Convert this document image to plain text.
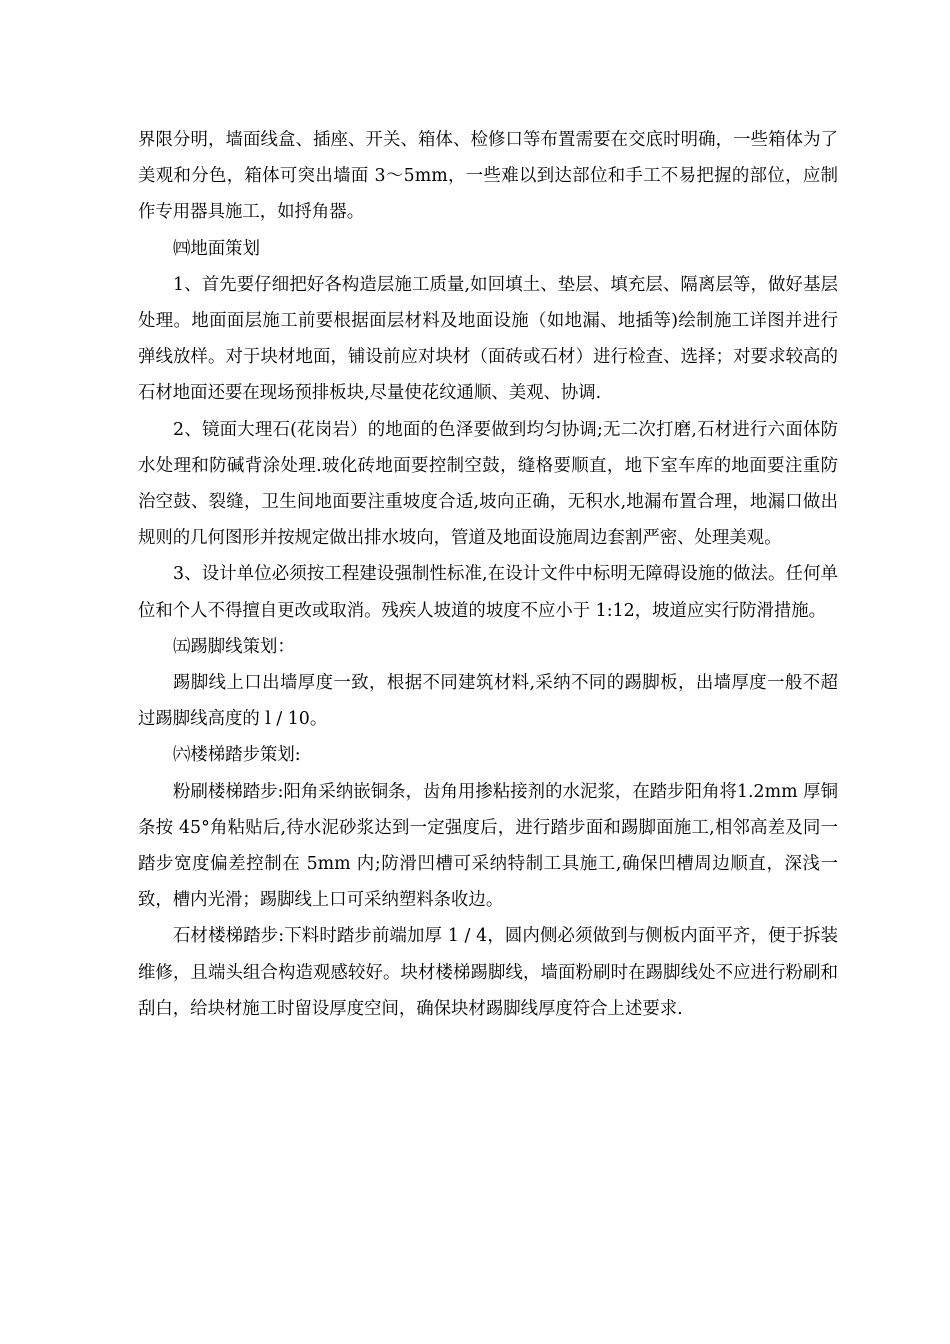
界限分明，墙面线盒、插座、开关、箱体、检修口等布置需要在交底时明确，一些箱体为了美观和分色，箱体可突出墙面 3～5mm，一些难以到达部位和手工不易把握的部位，应制作专用器具施工，如捋角器。

㈣地面策划

1、首先要仔细把好各构造层施工质量,如回填土、垫层、填充层、隔离层等，做好基层处理。地面面层施工前要根据面层材料及地面设施（如地漏、地插等)绘制施工详图并进行弹线放样。对于块材地面，铺设前应对块材（面砖或石材）进行检查、选择；对要求较高的石材地面还要在现场预排板块,尽量使花纹通顺、美观、协调.

2、镜面大理石(花岗岩）的地面的色泽要做到均匀协调;无二次打磨,石材进行六面体防水处理和防碱背涂处理.玻化砖地面要控制空鼓，缝格要顺直，地下室车库的地面要注重防治空鼓、裂缝，卫生间地面要注重坡度合适,坡向正确，无积水,地漏布置合理，地漏口做出规则的几何图形并按规定做出排水坡向，管道及地面设施周边套割严密、处理美观。

3、设计单位必须按工程建设强制性标准,在设计文件中标明无障碍设施的做法。任何单位和个人不得擅自更改或取消。残疾人坡道的坡度不应小于 1:12，坡道应实行防滑措施。

㈤踢脚线策划：

踢脚线上口出墙厚度一致，根据不同建筑材料,采纳不同的踢脚板，出墙厚度一般不超过踢脚线高度的 l / 10。

㈥楼梯踏步策划:

粉刷楼梯踏步:阳角采纳嵌铜条，齿角用掺粘接剂的水泥浆，在踏步阳角将1.2mm 厚铜条按 45°角粘贴后,待水泥砂浆达到一定强度后，进行踏步面和踢脚面施工,相邻高差及同一踏步宽度偏差控制在 5mm 内;防滑凹槽可采纳特制工具施工,确保凹槽周边顺直，深浅一致，槽内光滑；踢脚线上口可采纳塑料条收边。

石材楼梯踏步:下料时踏步前端加厚 1 / 4，圆内侧必须做到与侧板内面平齐，便于拆装维修，且端头组合构造观感较好。块材楼梯踢脚线，墙面粉刷时在踢脚线处不应进行粉刷和刮白，给块材施工时留设厚度空间，确保块材踢脚线厚度符合上述要求.
